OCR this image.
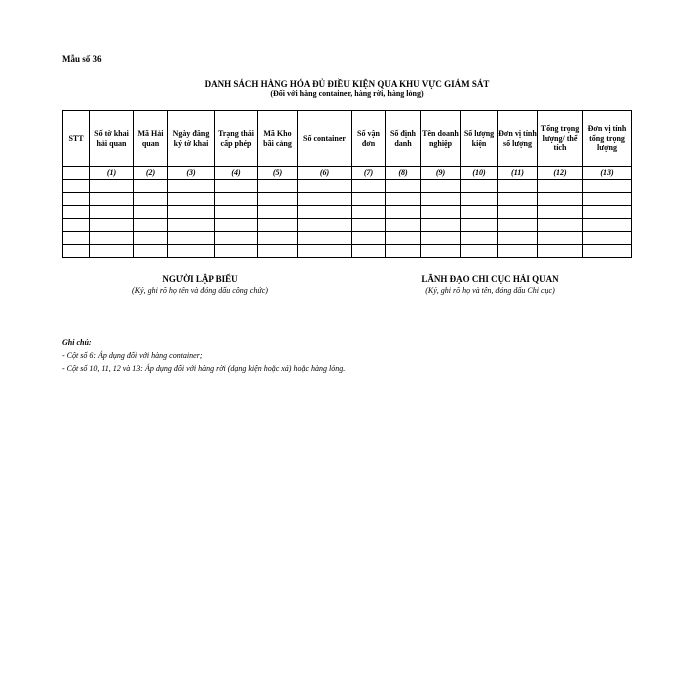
Mẫu số 36
DANH SÁCH HÀNG HÓA ĐỦ ĐIỀU KIỆN QUA KHU VỰC GIÁM SÁT
(Đối với hàng container, hàng rời, hàng lỏng)
STT	Số tờ khai hải quan	Mã Hải quan	Ngày đăng ký tờ khai	Trạng thái cấp phép	Mã Kho bãi cảng	Số container	Số vận đơn	Số định danh	Tên doanh nghiệp	Số lượng kiện	Đơn vị tính số lượng	Tổng trọng lượng/ thể tích	Đơn vị tính tổng trọng lượng
	(1)	(2)	(3)	(4)	(5)	(6)	(7)	(8)	(9)	(10)	(11)	(12)	(13)

NGƯỜI LẬP BIỂU
(Ký, ghi rõ họ tên và đóng dấu công chức)
LÃNH ĐẠO CHI CỤC HẢI QUAN
(Ký, ghi rõ họ và tên, đóng dấu Chi cục)
Ghi chú:
- Cột số 6: Áp dụng đối với hàng container;
- Cột số 10, 11, 12 và 13: Áp dụng đối với hàng rời (dạng kiện hoặc xá) hoặc hàng lỏng.
